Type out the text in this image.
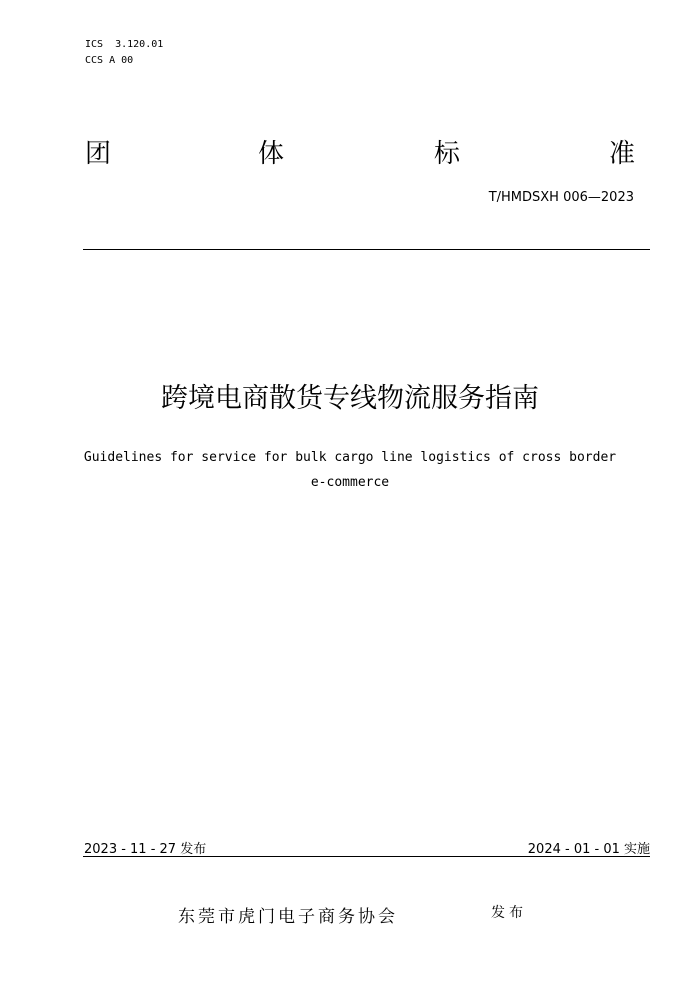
ICS  3.120.01
CCS A 00
团	体	标	准
T/HMDSXH 006—2023
跨境电商散货专线物流服务指南
Guidelines for service for bulk cargo line logistics of cross border
e-commerce
2023 - 11 - 27 发布	2024 - 01 - 01 实施
东莞市虎门电子商务协会	发布
